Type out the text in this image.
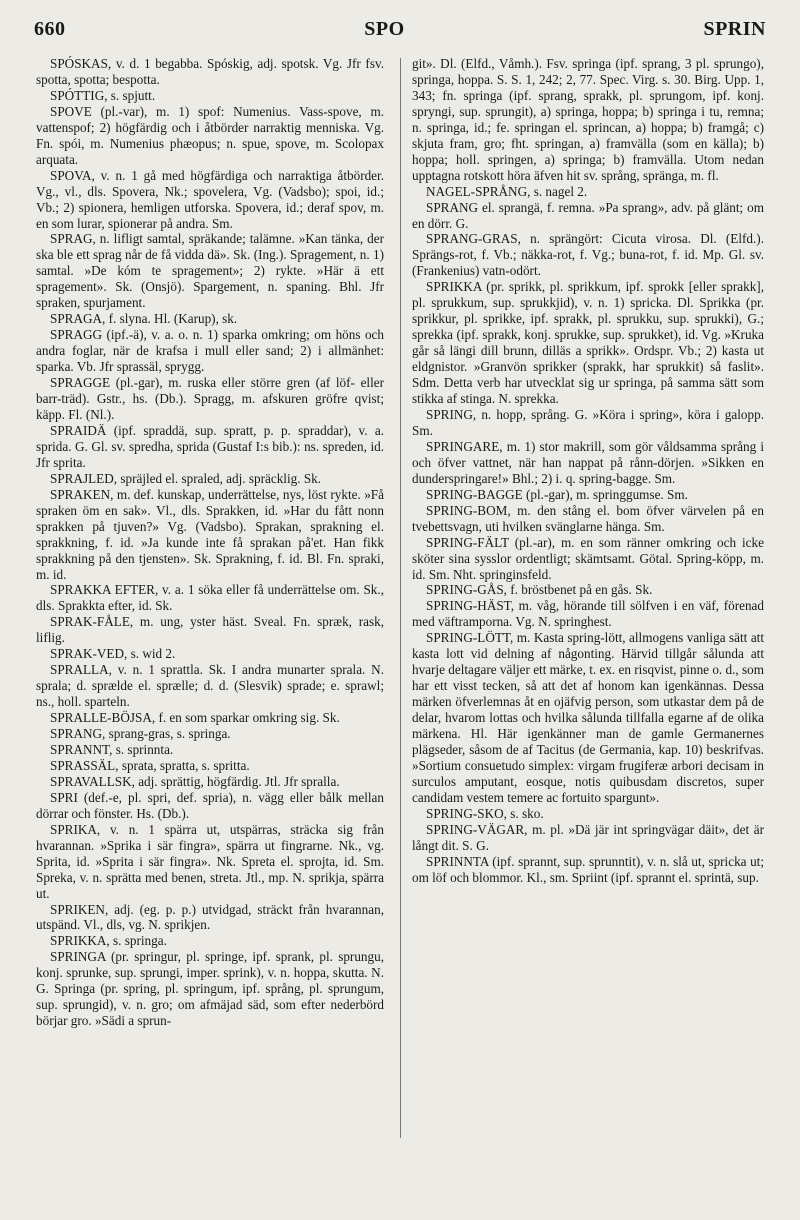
660	SPO	SPRIN

SPÓSKAS, v. d. 1 begabba. Spóskig, adj. spotsk. Vg. Jfr fsv. spotta, spotta; bespotta.

SPÓTTIG, s. spjutt.

SPOVE (pl.-var), m. 1) spof: Numenius. Vass-spove, m. vattenspof; 2) högfärdig och i åtbörder narraktig menniska. Vg. Fn. spói, m. Numenius phæopus; n. spue, spove, m. Scolopax arquata.

SPOVA, v. n. 1 gå med högfärdiga och narraktiga åtbörder. Vg., vl., dls. Spovera, Nk.; spovelera, Vg. (Vadsbo); spoi, id.; Vb.; 2) spionera, hemligen utforska. Spovera, id.; deraf spov, m. en som lurar, spionerar på andra. Sm.

SPRAG, n. lifligt samtal, spräkande; talämne. »Kan tänka, der ska ble ett sprag når de få vidda dä». Sk. (Ing.). Spragement, n. 1) samtal. »De kóm te spragement»; 2) rykte. »Här ä ett spragement». Sk. (Onsjö). Spargement, n. spaning. Bhl. Jfr spraken, spurjament.

SPRAGA, f. slyna. Hl. (Karup), sk.

SPRAGG (ipf.-ä), v. a. o. n. 1) sparka omkring; om höns och andra foglar, när de krafsa i mull eller sand; 2) i allmänhet: sparka. Vb. Jfr sprassäl, sprygg.

SPRAGGE (pl.-gar), m. ruska eller större gren (af löf- eller barr-träd). Gstr., hs. (Db.). Spragg, m. afskuren gröfre qvist; käpp. Fl. (Nl.).

SPRAIDÄ (ipf. spraddä, sup. spratt, p. p. spraddar), v. a. sprida. G. Gl. sv. spredha, sprida (Gustaf I:s bib.): ns. spreden, id. Jfr sprita.

SPRAJLED, spräjled el. spraled, adj. spräcklig. Sk.

SPRAKEN, m. def. kunskap, underrättelse, nys, löst rykte. »Få spraken öm en sak». Vl., dls. Sprakken, id. »Har du fått nonn sprakken på tjuven?» Vg. (Vadsbo). Sprakan, sprakning el. sprakkning, f. id. »Ja kunde inte få sprakan på'et. Han fikk sprakkning på den tjensten». Sk. Sprakning, f. id. Bl. Fn. spraki, m. id.

SPRAKKA EFTER, v. a. 1 söka eller få underrättelse om. Sk., dls. Sprakkta efter, id. Sk.

SPRAK-FÅLE, m. ung, yster häst. Sveal. Fn. spræk, rask, liflig.

SPRAK-VED, s. wid 2.

SPRALLA, v. n. 1 sprattla. Sk. I andra munarter sprala. N. sprala; d. sprælde el. sprælle; d. d. (Slesvik) sprade; e. sprawl; ns., holl. sparteln.

SPRALLE-BÖJSA, f. en som sparkar omkring sig. Sk.

SPRANG, sprang-gras, s. springa.

SPRANNT, s. sprinnta.

SPRASSÄL, sprata, spratta, s. spritta.

SPRAVALLSK, adj. sprättig, högfärdig. Jtl. Jfr spralla.

SPRI (def.-e, pl. spri, def. spria), n. vägg eller bålk mellan dörrar och fönster. Hs. (Db.).

SPRIKA, v. n. 1 spärra ut, utspärras, sträcka sig från hvarannan. »Sprika i sär fingra», spärra ut fingrarne. Nk., vg. Sprita, id. »Sprita i sär fingra». Nk. Spreta el. sprojta, id. Sm. Spreka, v. n. sprätta med benen, streta. Jtl., mp. N. sprikja, spärra ut.

SPRIKEN, adj. (eg. p. p.) utvidgad, sträckt från hvarannan, utspänd. Vl., dls, vg. N. sprikjen.

SPRIKKA, s. springa.

SPRINGA (pr. springur, pl. springe, ipf. sprank, pl. sprungu, konj. sprunke, sup. sprungi, imper. sprink), v. n. hoppa, skutta. N. G. Springa (pr. spring, pl. springum, ipf. språng, pl. sprungum, sup. sprungid), v. n. gro; om afmäjad säd, som efter nederbörd börjar gro. »Sädi a sprun-

git». Dl. (Elfd., Våmh.). Fsv. springa (ipf. sprang, 3 pl. sprungo), springa, hoppa. S. S. 1, 242; 2, 77. Spec. Virg. s. 30. Birg. Upp. 1, 343; fn. springa (ipf. sprang, sprakk, pl. sprungom, ipf. konj. spryngi, sup. sprungit), a) springa, hoppa; b) springa i tu, remna; n. springa, id.; fe. springan el. sprincan, a) hoppa; b) framgå; c) skjuta fram, gro; fht. springan, a) framvälla (som en källa); b) hoppa; holl. springen, a) springa; b) framvälla. Utom nedan upptagna rotskott höra äfven hit sv. språng, spränga, m. fl.

NAGEL-SPRÅNG, s. nagel 2.

SPRANG el. sprangä, f. remna. »Pa sprang», adv. på glänt; om en dörr. G.

SPRANG-GRAS, n. sprängört: Cicuta virosa. Dl. (Elfd.). Sprängs-rot, f. Vb.; näkka-rot, f. Vg.; buna-rot, f. id. Mp. Gl. sv. (Frankenius) vatn-odört.

SPRIKKA (pr. sprikk, pl. sprikkum, ipf. sprokk [eller sprakk], pl. sprukkum, sup. sprukkjid), v. n. 1) spricka. Dl. Sprikka (pr. sprikkur, pl. sprikke, ipf. sprakk, pl. sprukku, sup. sprukki), G.; sprekka (ipf. sprakk, konj. sprukke, sup. sprukket), id. Vg. »Kruka går så längi dill brunn, dilläs a sprikk». Ordspr. Vb.; 2) kasta ut eldgnistor. »Granvön sprikker (sprakk, har sprukkit) så faslit». Sdm. Detta verb har utvecklat sig ur springa, på samma sätt som stikka af stinga. N. sprekka.

SPRING, n. hopp, språng. G. »Köra i spring», köra i galopp. Sm.

SPRINGARE, m. 1) stor makrill, som gör våldsamma språng i och öfver vattnet, när han nappat på rånn-dörjen. »Sikken en dunderspringare!» Bhl.; 2) i. q. spring-bagge. Sm.

SPRING-BAGGE (pl.-gar), m. springgumse. Sm.

SPRING-BOM, m. den stång el. bom öfver värvelen på en tvebettsvagn, uti hvilken svänglarne hänga. Sm.

SPRING-FÄLT (pl.-ar), m. en som ränner omkring och icke sköter sina sysslor ordentligt; skämtsamt. Götal. Spring-köpp, m. id. Sm. Nht. springinsfeld.

SPRING-GÅS, f. bröstbenet på en gås. Sk.

SPRING-HÄST, m. våg, hörande till sölfven i en väf, förenad med väftramporna. Vg. N. springhest.

SPRING-LÖTT, m. Kasta spring-lött, allmogens vanliga sätt att kasta lott vid delning af någonting. Härvid tillgår sålunda att hvarje deltagare väljer ett märke, t. ex. en risqvist, pinne o. d., som har ett visst tecken, så att det af honom kan igenkännas. Dessa märken öfverlemnas åt en ojäfvig person, som utkastar dem på de delar, hvarom lottas och hvilka sålunda tillfalla egarne af de olika märkena. Hl. Här igenkänner man de gamle Germanernes plägseder, såsom de af Tacitus (de Germania, kap. 10) beskrifvas. »Sortium consuetudo simplex: virgam frugiferæ arbori decisam in surculos amputant, eosque, notis quibusdam discretos, super candidam vestem temere ac fortuito spargunt».

SPRING-SKO, s. sko.

SPRING-VÄGAR, m. pl. »Dä jär int springvägar däit», det är långt dit. S. G.

SPRINNTA (ipf. sprannt, sup. sprunntit), v. n. slå ut, spricka ut; om löf och blommor. Kl., sm. Spriint (ipf. sprannt el. sprintä, sup.
